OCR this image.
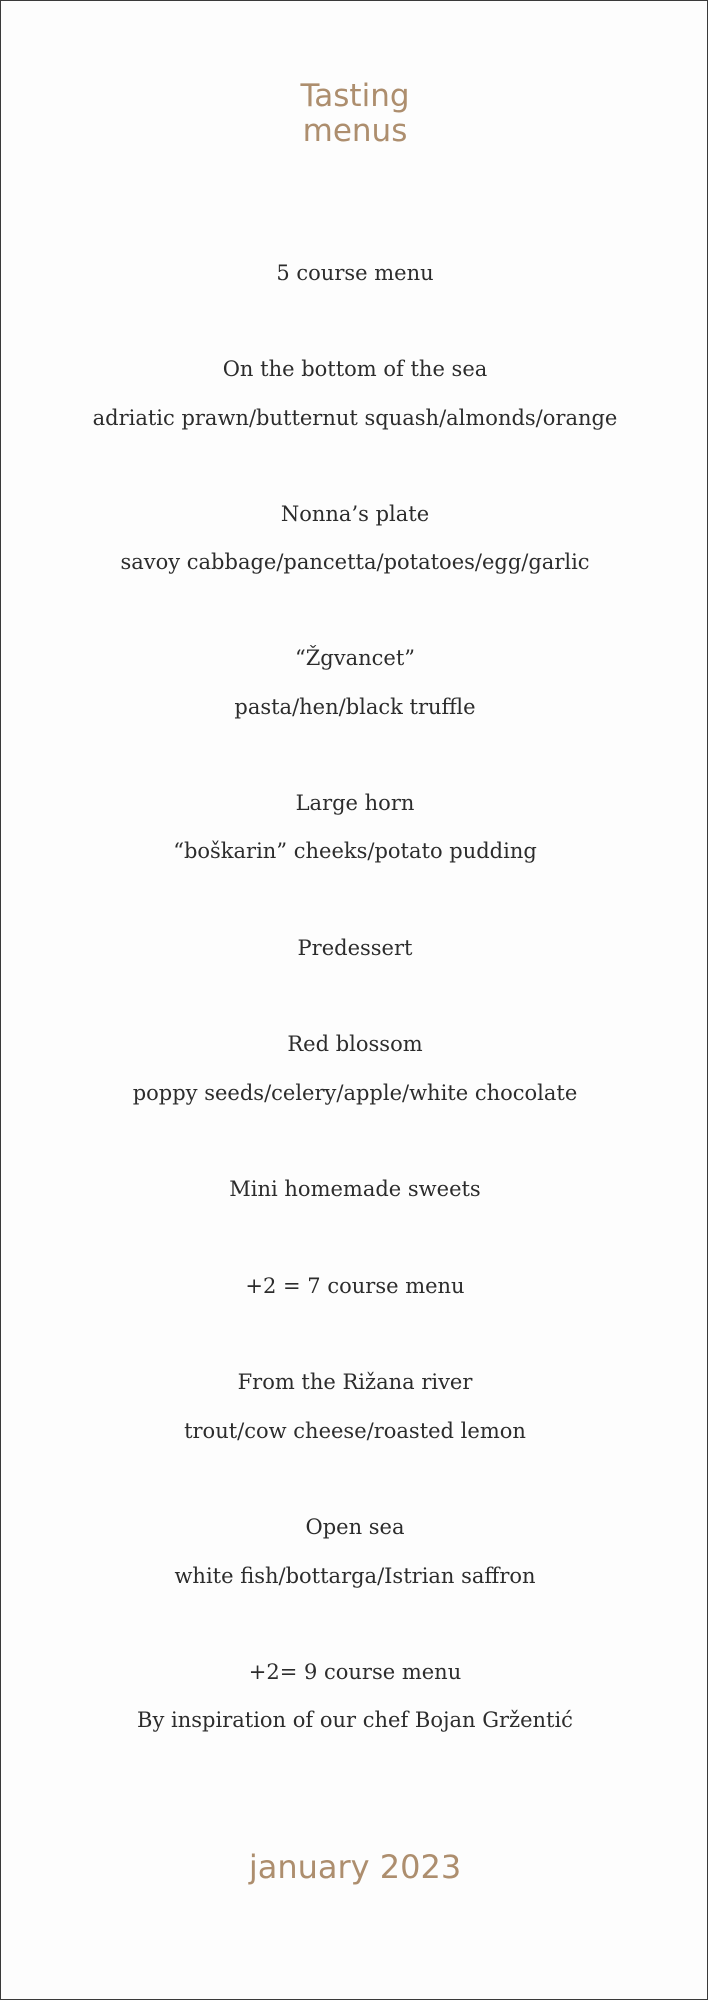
Tasting
menus
5 course menu
On the bottom of the sea
adriatic prawn/butternut squash/almonds/orange
Nonna’s plate
savoy cabbage/pancetta/potatoes/egg/garlic
“Žgvancet”
pasta/hen/black truffle
Large horn
“boškarin” cheeks/potato pudding
Predessert
Red blossom
poppy seeds/celery/apple/white chocolate
Mini homemade sweets
+2 = 7 course menu
From the Rižana river
trout/cow cheese/roasted lemon
Open sea
white fish/bottarga/Istrian saffron
+2= 9 course menu
By inspiration of our chef Bojan Gržentić
january 2023
